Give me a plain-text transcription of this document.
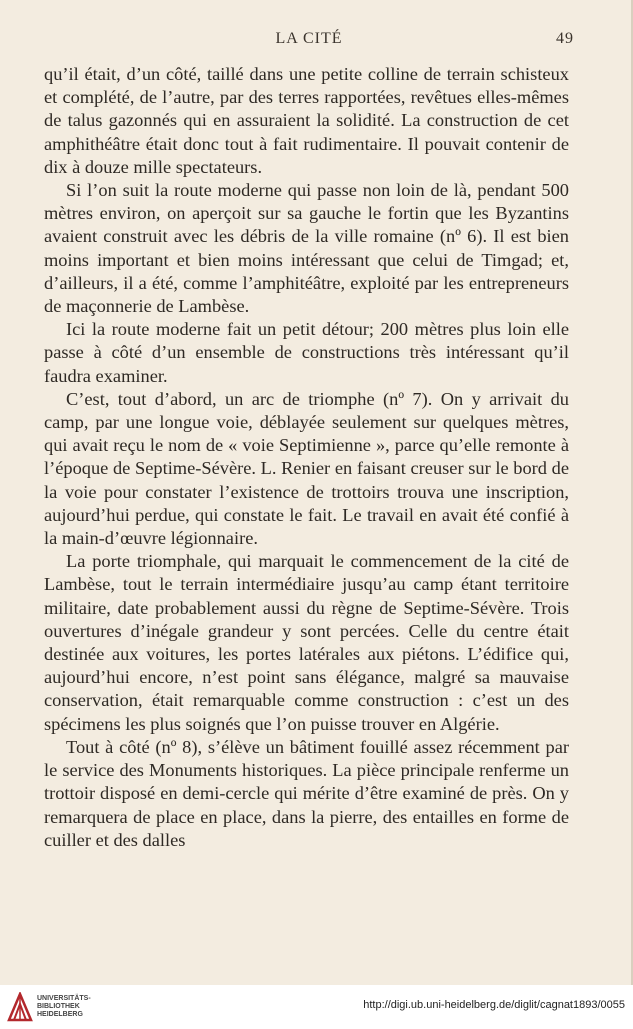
LA CITÉ	49

qu’il était, d’un côté, taillé dans une petite colline de terrain schisteux et complété, de l’autre, par des terres rapportées, revêtues elles-mêmes de talus gazonnés qui en assuraient la solidité. La construction de cet amphithéâtre était donc tout à fait rudimentaire. Il pouvait contenir de dix à douze mille spectateurs.

Si l’on suit la route moderne qui passe non loin de là, pendant 500 mètres environ, on aperçoit sur sa gauche le fortin que les Byzantins avaient construit avec les débris de la ville romaine (nº 6). Il est bien moins important et bien moins intéressant que celui de Timgad; et, d’ailleurs, il a été, comme l’amphitéâtre, exploité par les entrepreneurs de maçonnerie de Lambèse.

Ici la route moderne fait un petit détour; 200 mètres plus loin elle passe à côté d’un ensemble de constructions très intéressant qu’il faudra examiner.

C’est, tout d’abord, un arc de triomphe (nº 7). On y arrivait du camp, par une longue voie, déblayée seulement sur quelques mètres, qui avait reçu le nom de « voie Septimienne », parce qu’elle remonte à l’époque de Septime-Sévère. L. Renier en faisant creuser sur le bord de la voie pour constater l’existence de trottoirs trouva une inscription, aujourd’hui perdue, qui constate le fait. Le travail en avait été confié à la main-d’œuvre légionnaire.

La porte triomphale, qui marquait le commencement de la cité de Lambèse, tout le terrain intermédiaire jusqu’au camp étant territoire militaire, date probablement aussi du règne de Septime-Sévère. Trois ouvertures d’inégale grandeur y sont percées. Celle du centre était destinée aux voitures, les portes latérales aux piétons. L’édifice qui, aujourd’hui encore, n’est point sans élégance, malgré sa mauvaise conservation, était remarquable comme construction : c’est un des spécimens les plus soignés que l’on puisse trouver en Algérie.

Tout à côté (nº 8), s’élève un bâtiment fouillé assez récemment par le service des Monuments historiques. La pièce principale renferme un trottoir disposé en demi-cercle qui mérite d’être examiné de près. On y remarquera de place en place, dans la pierre, des entailles en forme de cuiller et des dalles

UNIVERSITÄTS-
BIBLIOTHEK
HEIDELBERG
http://digi.ub.uni-heidelberg.de/diglit/cagnat1893/0055
